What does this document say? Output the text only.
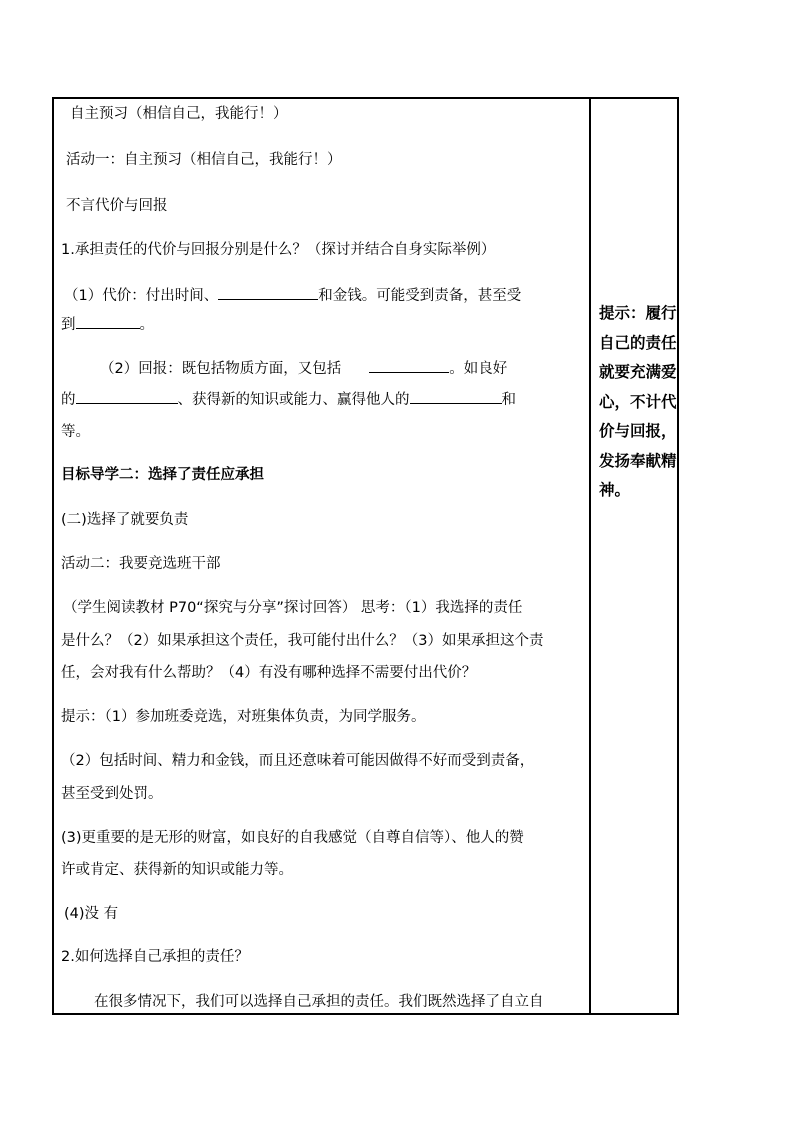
自主预习（相信自己，我能行！）
活动一：自主预习（相信自己，我能行！）
不言代价与回报
1.承担责任的代价与回报分别是什么？（探讨并结合自身实际举例）
（1）代价：付出时间、	和金钱。可能受到责备，甚至受
到	。
（2）回报：既包括物质方面，又包括	。如良好
的	、获得新的知识或能力、赢得他人的	和
等。
目标导学二：选择了责任应承担
(二)选择了就要负责
活动二：我要竞选班干部
（学生阅读教材 P70“探究与分享”探讨回答） 思考：（1）我选择的责任
是什么？（2）如果承担这个责任，我可能付出什么？（3）如果承担这个责
任，会对我有什么帮助？（4）有没有哪种选择不需要付出代价？
提示：（1）参加班委竞选，对班集体负责，为同学服务。
（2）包括时间、精力和金钱，而且还意味着可能因做得不好而受到责备，
甚至受到处罚。
(3)更重要的是无形的财富，如良好的自我感觉（自尊自信等）、他人的赞
许或肯定、获得新的知识或能力等。
(4)没 有
2.如何选择自己承担的责任？
在很多情况下，我们可以选择自己承担的责任。我们既然选择了自立自
提示：履行自己的责任就要充满爱心，不计代价与回报，发扬奉献精神。
